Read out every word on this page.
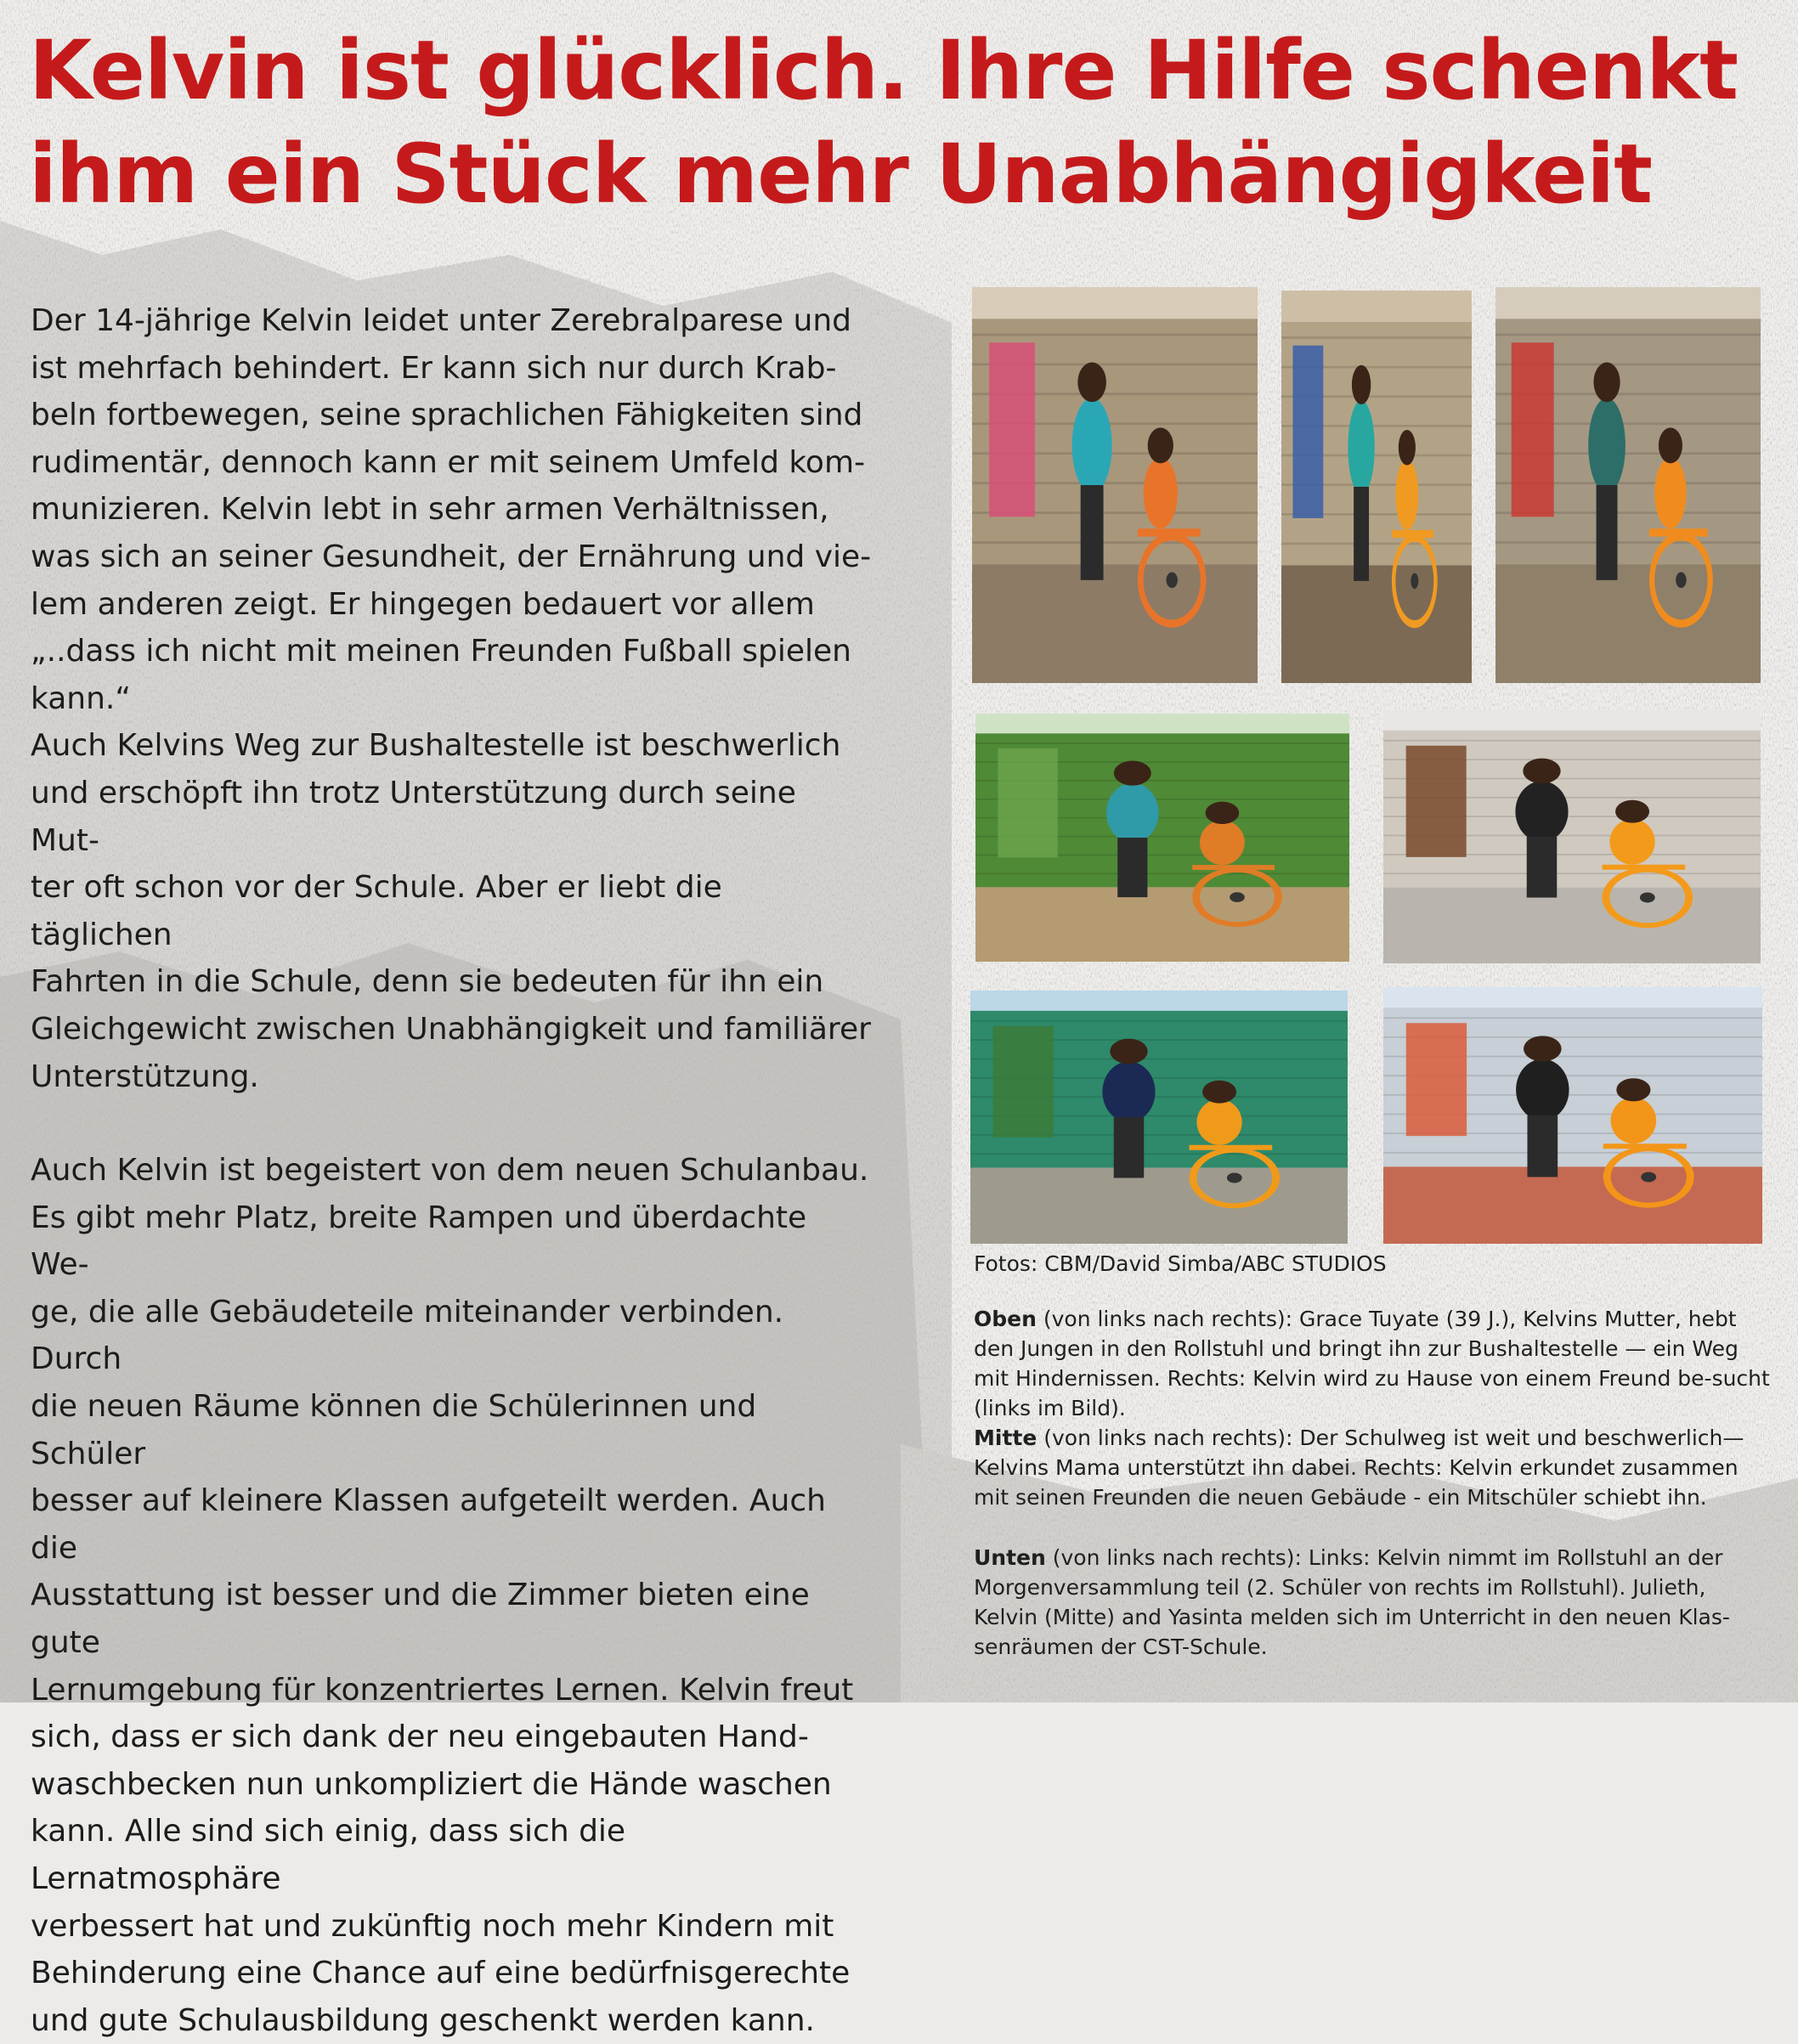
Kelvin ist glücklich. Ihre Hilfe schenkt ihm ein Stück mehr Unabhängigkeit

Der 14-jährige Kelvin leidet unter Zerebralparese und
ist mehrfach behindert. Er kann sich nur durch Krab-
beln fortbewegen, seine sprachlichen Fähigkeiten sind
rudimentär, dennoch kann er mit seinem Umfeld kom-
munizieren. Kelvin lebt in sehr armen Verhältnissen,
was sich an seiner Gesundheit, der Ernährung und vie-
lem anderen zeigt. Er hingegen bedauert vor allem
„..dass ich nicht mit meinen Freunden Fußball spielen
kann.“
Auch Kelvins Weg zur Bushaltestelle ist beschwerlich
und erschöpft ihn trotz Unterstützung durch seine Mut-
ter oft schon vor der Schule. Aber er liebt die täglichen
Fahrten in die Schule, denn sie bedeuten für ihn ein
Gleichgewicht zwischen Unabhängigkeit und familiärer
Unterstützung.

Auch Kelvin ist begeistert von dem neuen Schulanbau.
Es gibt mehr Platz, breite Rampen und überdachte We-
ge, die alle Gebäudeteile miteinander verbinden. Durch
die neuen Räume können die Schülerinnen und Schüler
besser auf kleinere Klassen aufgeteilt werden. Auch die
Ausstattung ist besser und die Zimmer bieten eine gute
Lernumgebung für konzentriertes Lernen. Kelvin freut
sich, dass er sich dank der neu eingebauten Hand-
waschbecken nun unkompliziert die Hände waschen
kann. Alle sind sich einig, dass sich die Lernatmosphäre
verbessert hat und zukünftig noch mehr Kindern mit
Behinderung eine Chance auf eine bedürfnisgerechte
und gute Schulausbildung geschenkt werden kann.

Fotos: CBM/David Simba/ABC STUDIOS

Oben (von links nach rechts): Grace Tuyate (39 J.), Kelvins Mutter, hebt den Jungen in den Rollstuhl und bringt ihn zur Bushaltestelle — ein Weg mit Hindernissen. Rechts: Kelvin wird zu Hause von einem Freund be-sucht (links im Bild).

Mitte (von links nach rechts): Der Schulweg ist weit und beschwerlich— Kelvins Mama unterstützt ihn dabei. Rechts: Kelvin erkundet zusammen mit seinen Freunden die neuen Gebäude - ein Mitschüler schiebt ihn.

Unten (von links nach rechts): Links: Kelvin nimmt im Rollstuhl an der Morgenversammlung teil (2. Schüler von rechts im Rollstuhl). Julieth, Kelvin (Mitte) and Yasinta melden sich im Unterricht in den neuen Klas-senräumen der CST-Schule.
